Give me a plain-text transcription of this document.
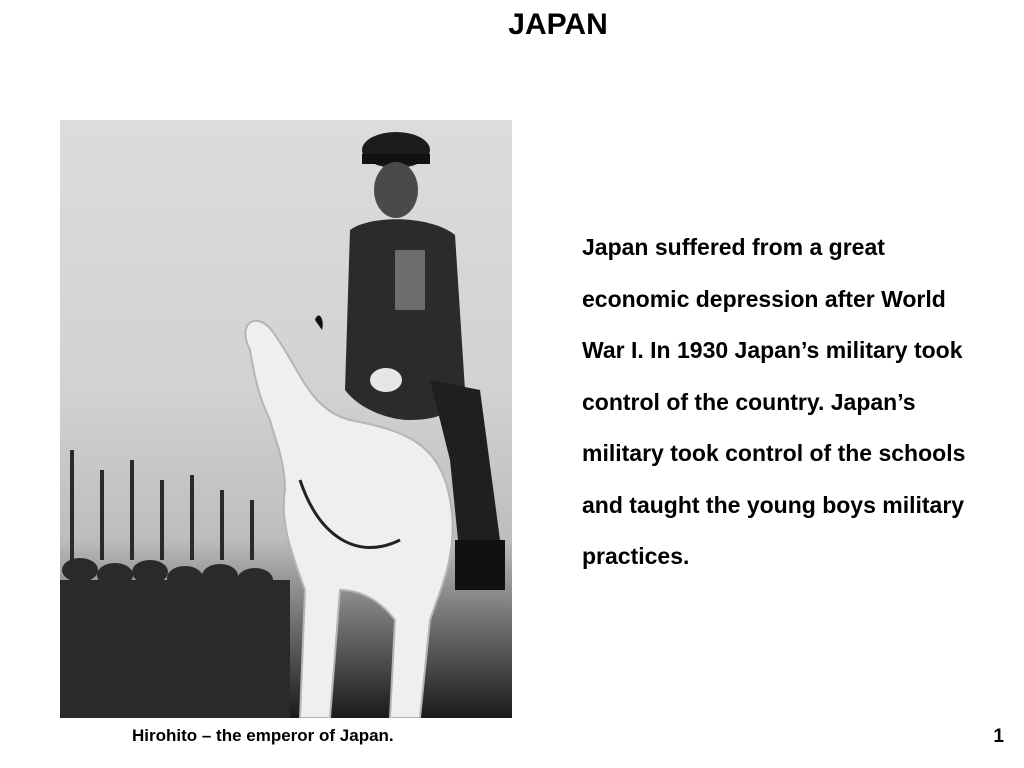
JAPAN
Japan suffered from a great economic depression after World War I. In 1930 Japan’s military took control of the country. Japan’s military took control of the schools and taught the young boys military practices.
Hirohito – the emperor of Japan.	1
